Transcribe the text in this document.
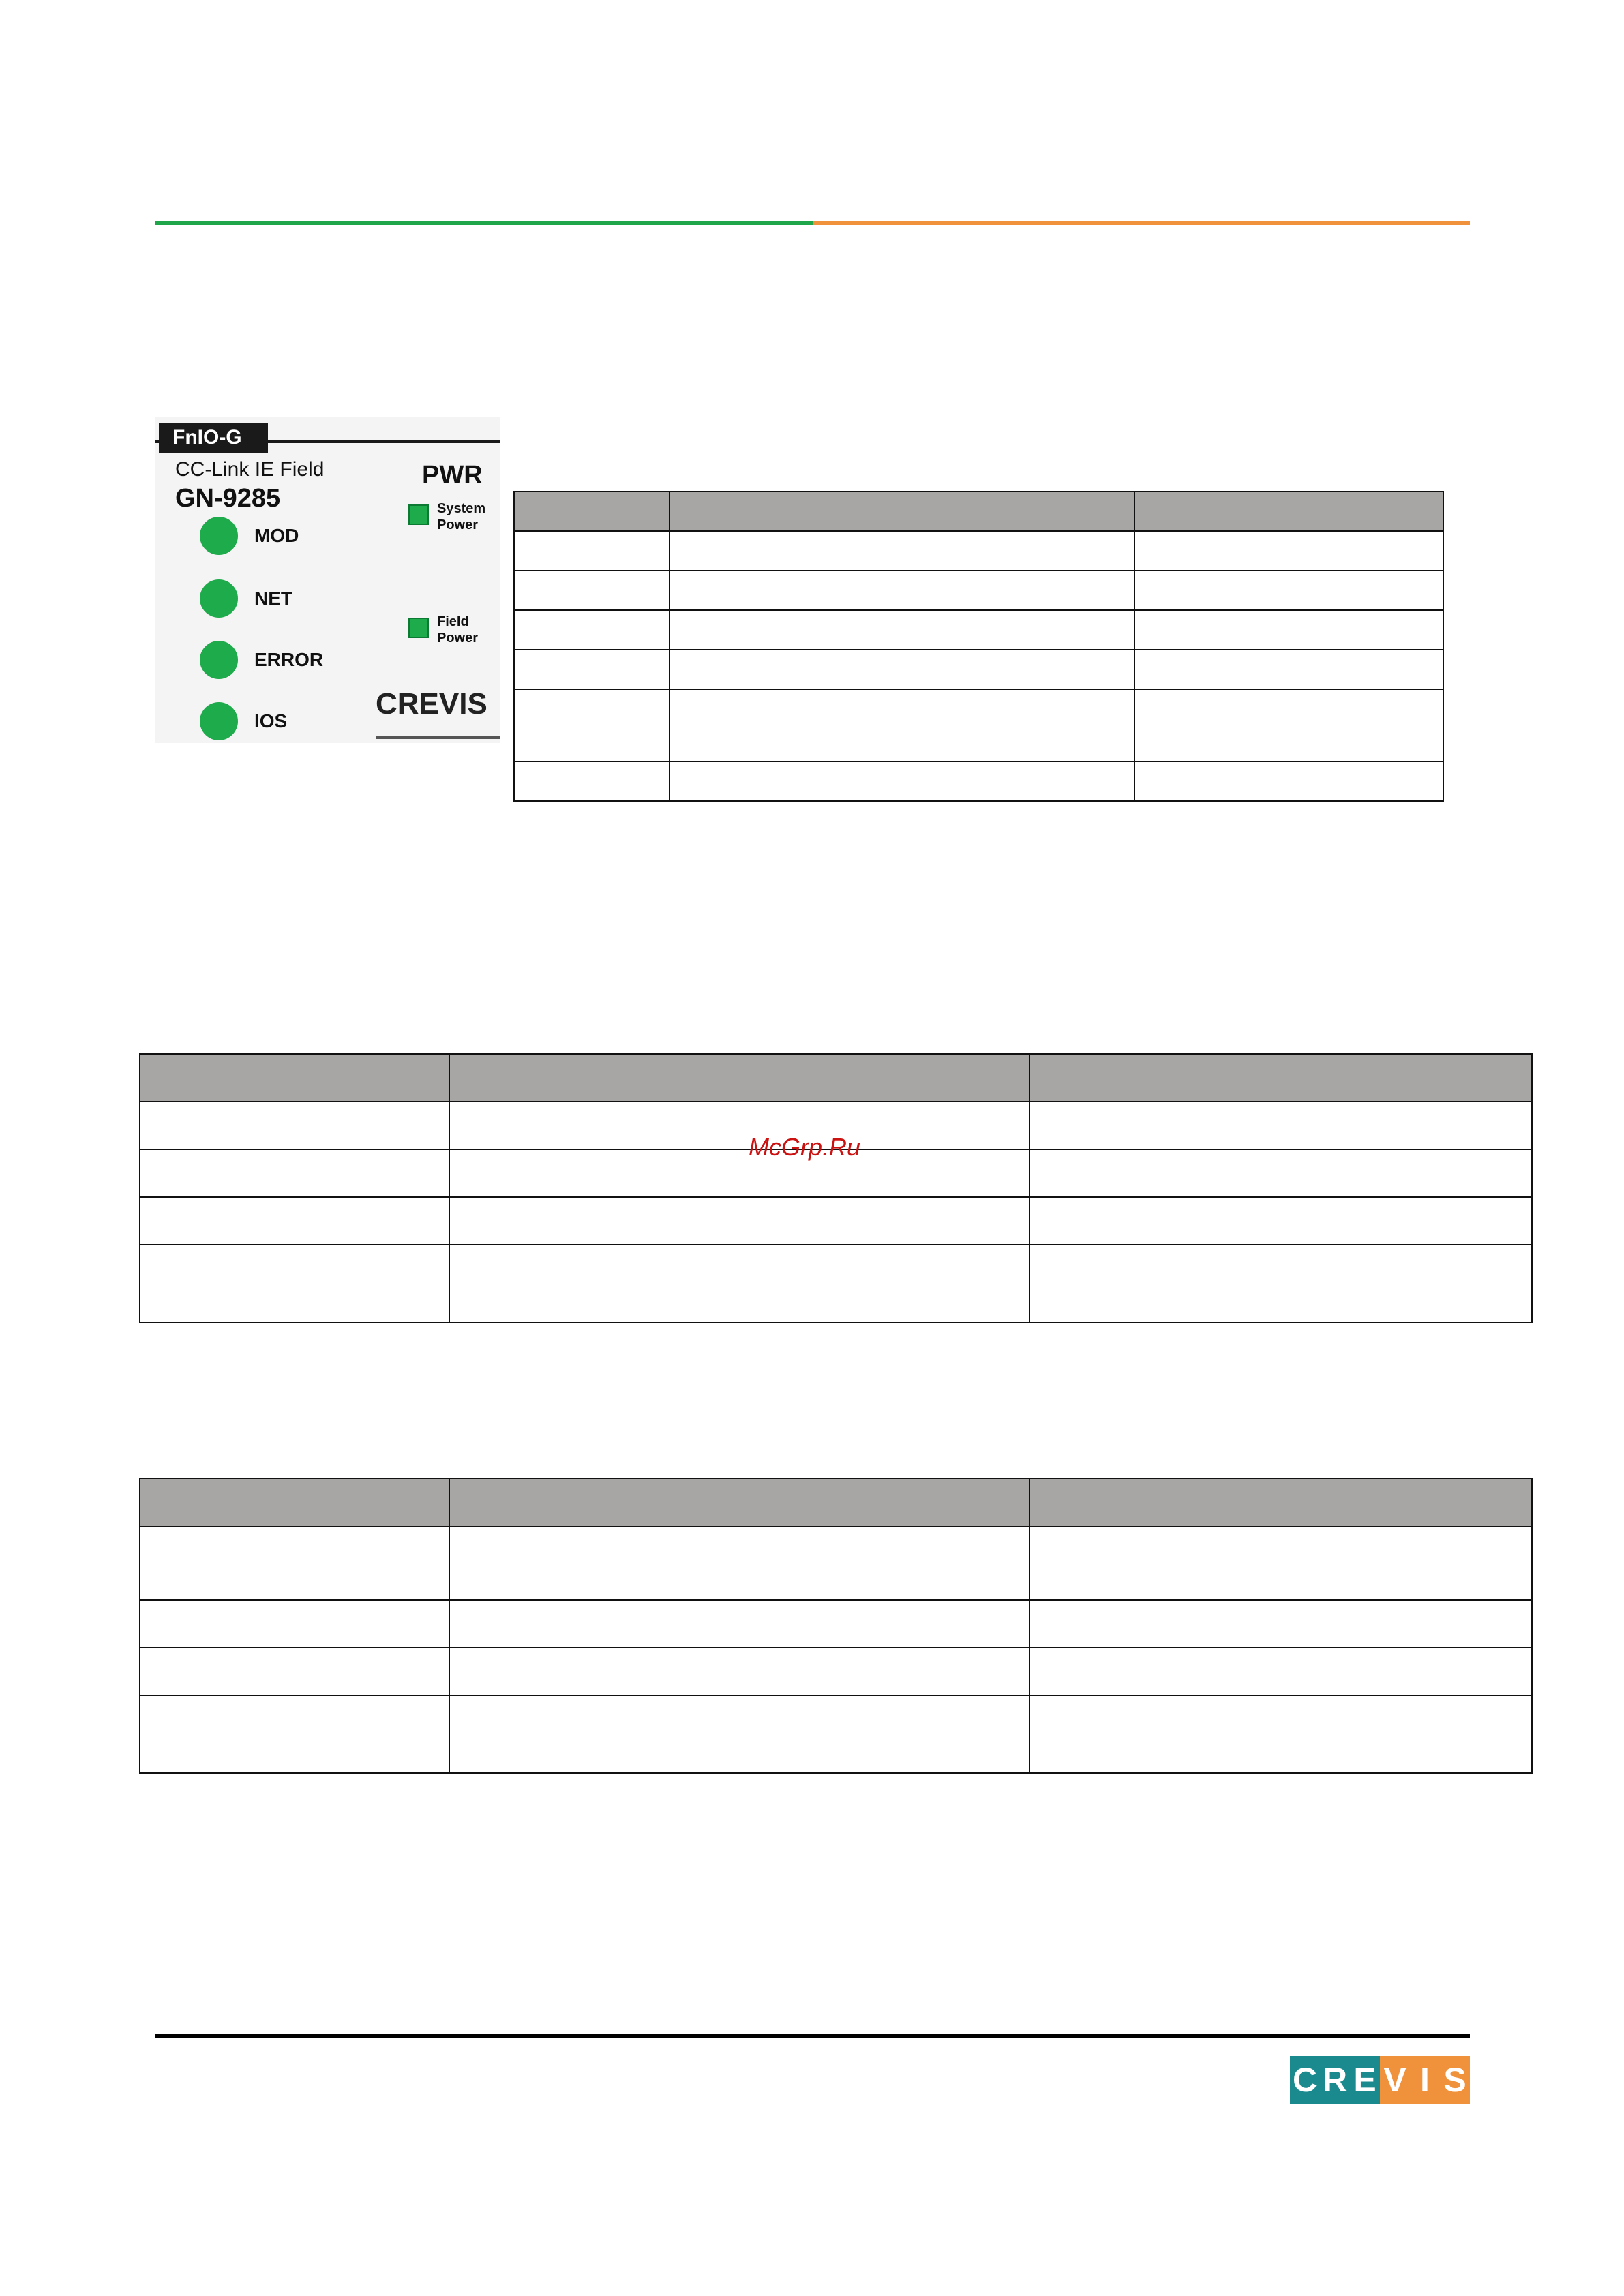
FnIO-G
CC-Link IE Field
GN-9285
PWR
MOD
NET
ERROR
IOS
System
Power
Field
Power
CREVIS

McGrp.Ru
C R E V I S
